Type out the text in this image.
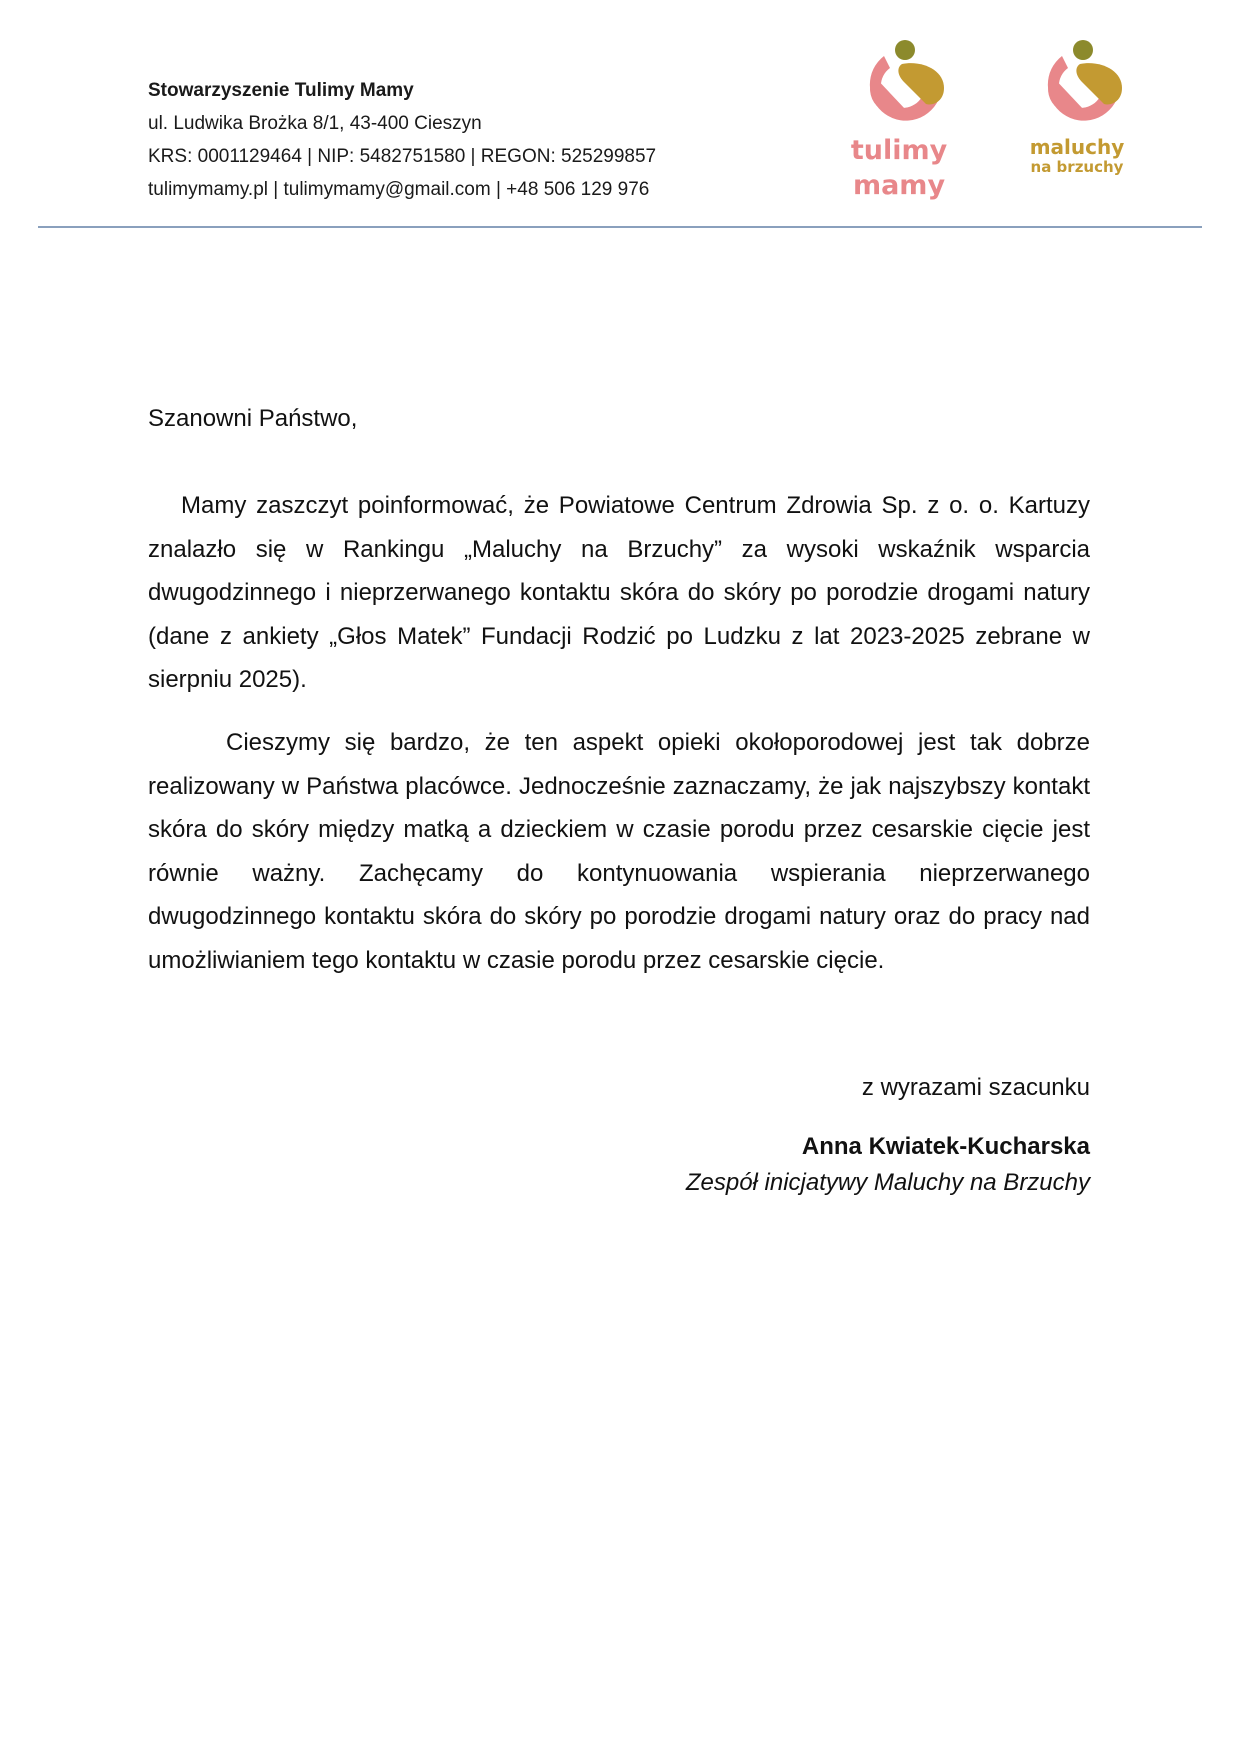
Stowarzyszenie Tulimy Mamy
ul. Ludwika Brożka 8/1, 43-400 Cieszyn
KRS: 0001129464 | NIP: 5482751580 | REGON: 525299857
tulimymamy.pl | tulimymamy@gmail.com | +48 506 129 976
tulimy
mamy
maluchy
na brzuchy
Szanowni Państwo,

Mamy zaszczyt poinformować, że Powiatowe Centrum Zdrowia Sp. z o. o. Kartuzy znalazło się w Rankingu „Maluchy na Brzuchy” za wysoki wskaźnik wsparcia dwugodzinnego i nieprzerwanego kontaktu skóra do skóry po porodzie drogami natury (dane z ankiety „Głos Matek” Fundacji Rodzić po Ludzku z lat 2023-2025 zebrane w sierpniu 2025).

Cieszymy się bardzo, że ten aspekt opieki okołoporodowej jest tak dobrze realizowany w Państwa placówce. Jednocześnie zaznaczamy, że jak najszybszy kontakt skóra do skóry między matką a dzieckiem w czasie porodu przez cesarskie cięcie jest równie ważny. Zachęcamy do kontynuowania wspierania nieprzerwanego dwugodzinnego kontaktu skóra do skóry po porodzie drogami natury oraz do pracy nad umożliwianiem tego kontaktu w czasie porodu przez cesarskie cięcie.

z wyrazami szacunku
Anna Kwiatek-Kucharska
Zespół inicjatywy Maluchy na Brzuchy
